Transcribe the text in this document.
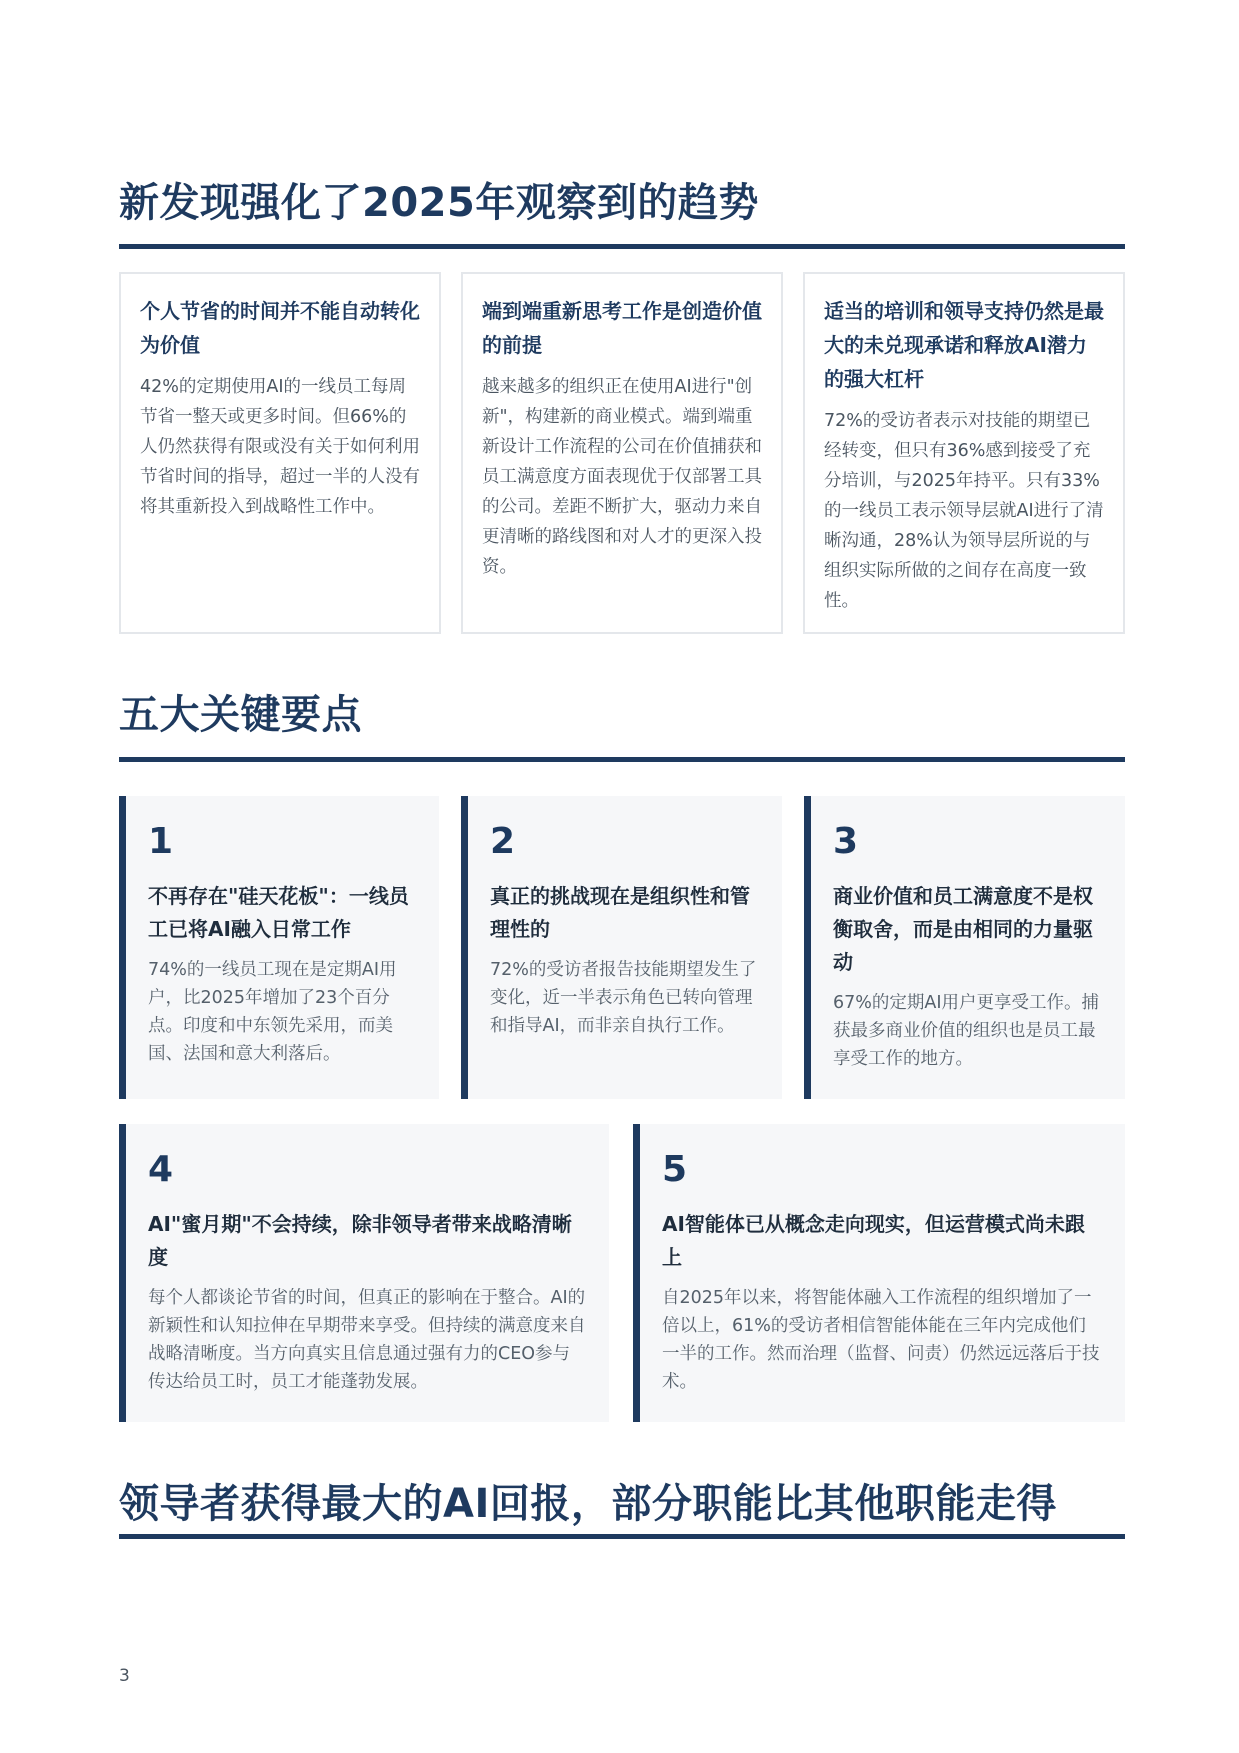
新发现强化了2025年观察到的趋势
个人节省的时间并不能自动转化为价值

42%的定期使用AI的一线员工每周节省一整天或更多时间。但66%的人仍然获得有限或没有关于如何利用节省时间的指导，超过一半的人没有将其重新投入到战略性工作中。

端到端重新思考工作是创造价值的前提

越来越多的组织正在使用AI进行"创新"，构建新的商业模式。端到端重新设计工作流程的公司在价值捕获和员工满意度方面表现优于仅部署工具的公司。差距不断扩大，驱动力来自更清晰的路线图和对人才的更深入投资。

适当的培训和领导支持仍然是最大的未兑现承诺和释放AI潜力的强大杠杆

72%的受访者表示对技能的期望已经转变，但只有36%感到接受了充分培训，与2025年持平。只有33%的一线员工表示领导层就AI进行了清晰沟通，28%认为领导层所说的与组织实际所做的之间存在高度一致性。

五大关键要点
1
不再存在"硅天花板"：一线员工已将AI融入日常工作

74%的一线员工现在是定期AI用户，比2025年增加了23个百分点。印度和中东领先采用，而美国、法国和意大利落后。

2
真正的挑战现在是组织性和管理性的

72%的受访者报告技能期望发生了变化，近一半表示角色已转向管理和指导AI，而非亲自执行工作。

3
商业价值和员工满意度不是权衡取舍，而是由相同的力量驱动

67%的定期AI用户更享受工作。捕获最多商业价值的组织也是员工最享受工作的地方。

4
AI"蜜月期"不会持续，除非领导者带来战略清晰度

每个人都谈论节省的时间，但真正的影响在于整合。AI的新颖性和认知拉伸在早期带来享受。但持续的满意度来自战略清晰度。当方向真实且信息通过强有力的CEO参与传达给员工时，员工才能蓬勃发展。

5
AI智能体已从概念走向现实，但运营模式尚未跟上

自2025年以来，将智能体融入工作流程的组织增加了一倍以上，61%的受访者相信智能体能在三年内完成他们一半的工作。然而治理（监督、问责）仍然远远落后于技术。

领导者获得最大的AI回报，部分职能比其他职能走得
3
